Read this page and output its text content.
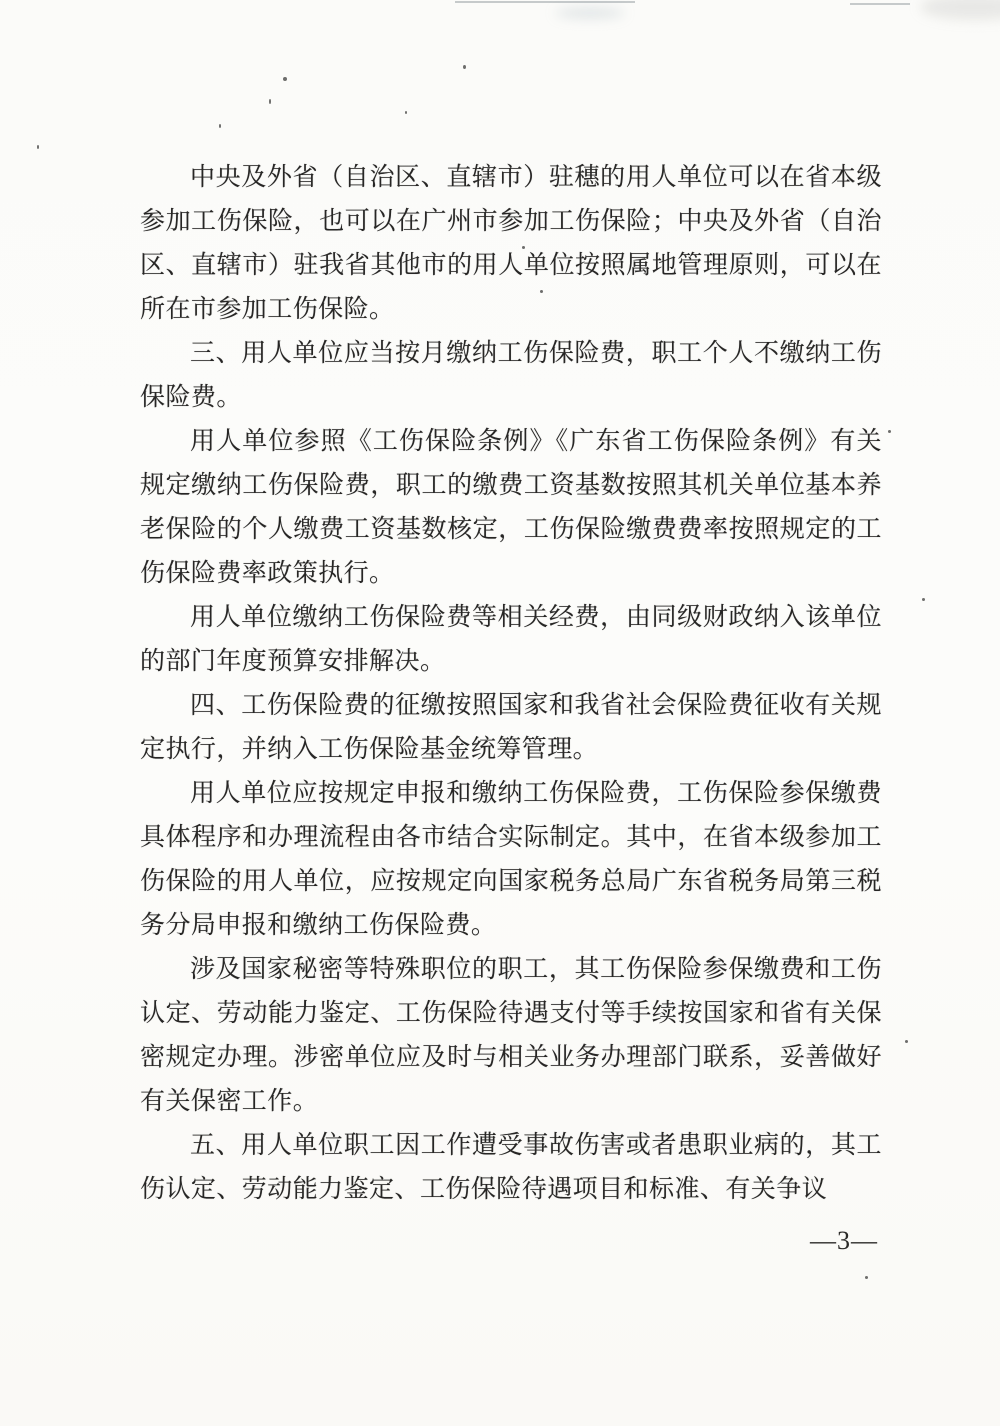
中央及外省（自治区、直辖市）驻穗的用人单位可以在省本级参加工伤保险，也可以在广州市参加工伤保险；中央及外省（自治区、直辖市）驻我省其他市的用人单位按照属地管理原则，可以在所在市参加工伤保险。

三、用人单位应当按月缴纳工伤保险费，职工个人不缴纳工伤保险费。

用人单位参照《工伤保险条例》《广东省工伤保险条例》有关规定缴纳工伤保险费，职工的缴费工资基数按照其机关单位基本养老保险的个人缴费工资基数核定，工伤保险缴费费率按照规定的工伤保险费率政策执行。

用人单位缴纳工伤保险费等相关经费，由同级财政纳入该单位的部门年度预算安排解决。

四、工伤保险费的征缴按照国家和我省社会保险费征收有关规定执行，并纳入工伤保险基金统筹管理。

用人单位应按规定申报和缴纳工伤保险费，工伤保险参保缴费具体程序和办理流程由各市结合实际制定。其中，在省本级参加工伤保险的用人单位，应按规定向国家税务总局广东省税务局第三税务分局申报和缴纳工伤保险费。

涉及国家秘密等特殊职位的职工，其工伤保险参保缴费和工伤认定、劳动能力鉴定、工伤保险待遇支付等手续按国家和省有关保密规定办理。涉密单位应及时与相关业务办理部门联系，妥善做好有关保密工作。

五、用人单位职工因工作遭受事故伤害或者患职业病的，其工伤认定、劳动能力鉴定、工伤保险待遇项目和标准、有关争议

—3—
